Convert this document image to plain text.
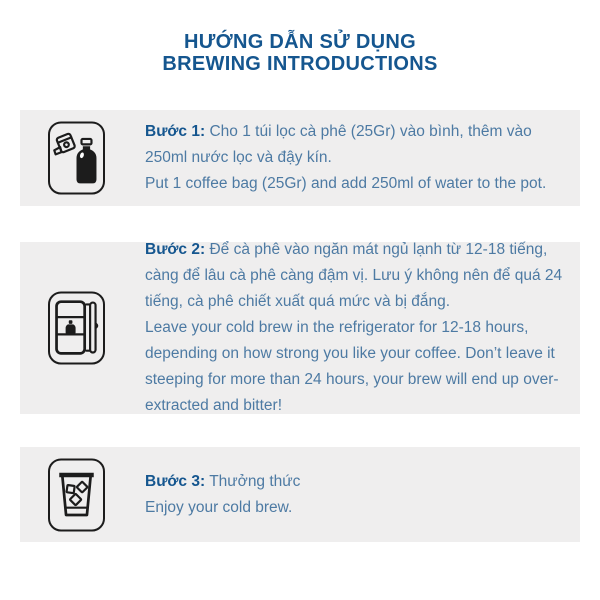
HƯỚNG DẪN SỬ DỤNG
BREWING INTRODUCTIONS
Bước 1: Cho 1 túi lọc cà phê (25Gr) vào bình, thêm vào 250ml nước lọc và đậy kín.
Put 1 coffee bag (25Gr) and add 250ml of water to the pot.
Bước 2: Để cà phê vào ngăn mát ngủ lạnh từ 12-18 tiếng, càng để lâu cà phê càng đậm vị. Lưu ý không nên để quá 24 tiếng, cà phê chiết xuất quá mức và bị đắng.
Leave your cold brew in the refrigerator for 12-18 hours, depending on how strong you like your coffee. Don’t leave it steeping for more than 24 hours, your brew will end up over-extracted and bitter!
Bước 3: Thưởng thức
Enjoy your cold brew.
